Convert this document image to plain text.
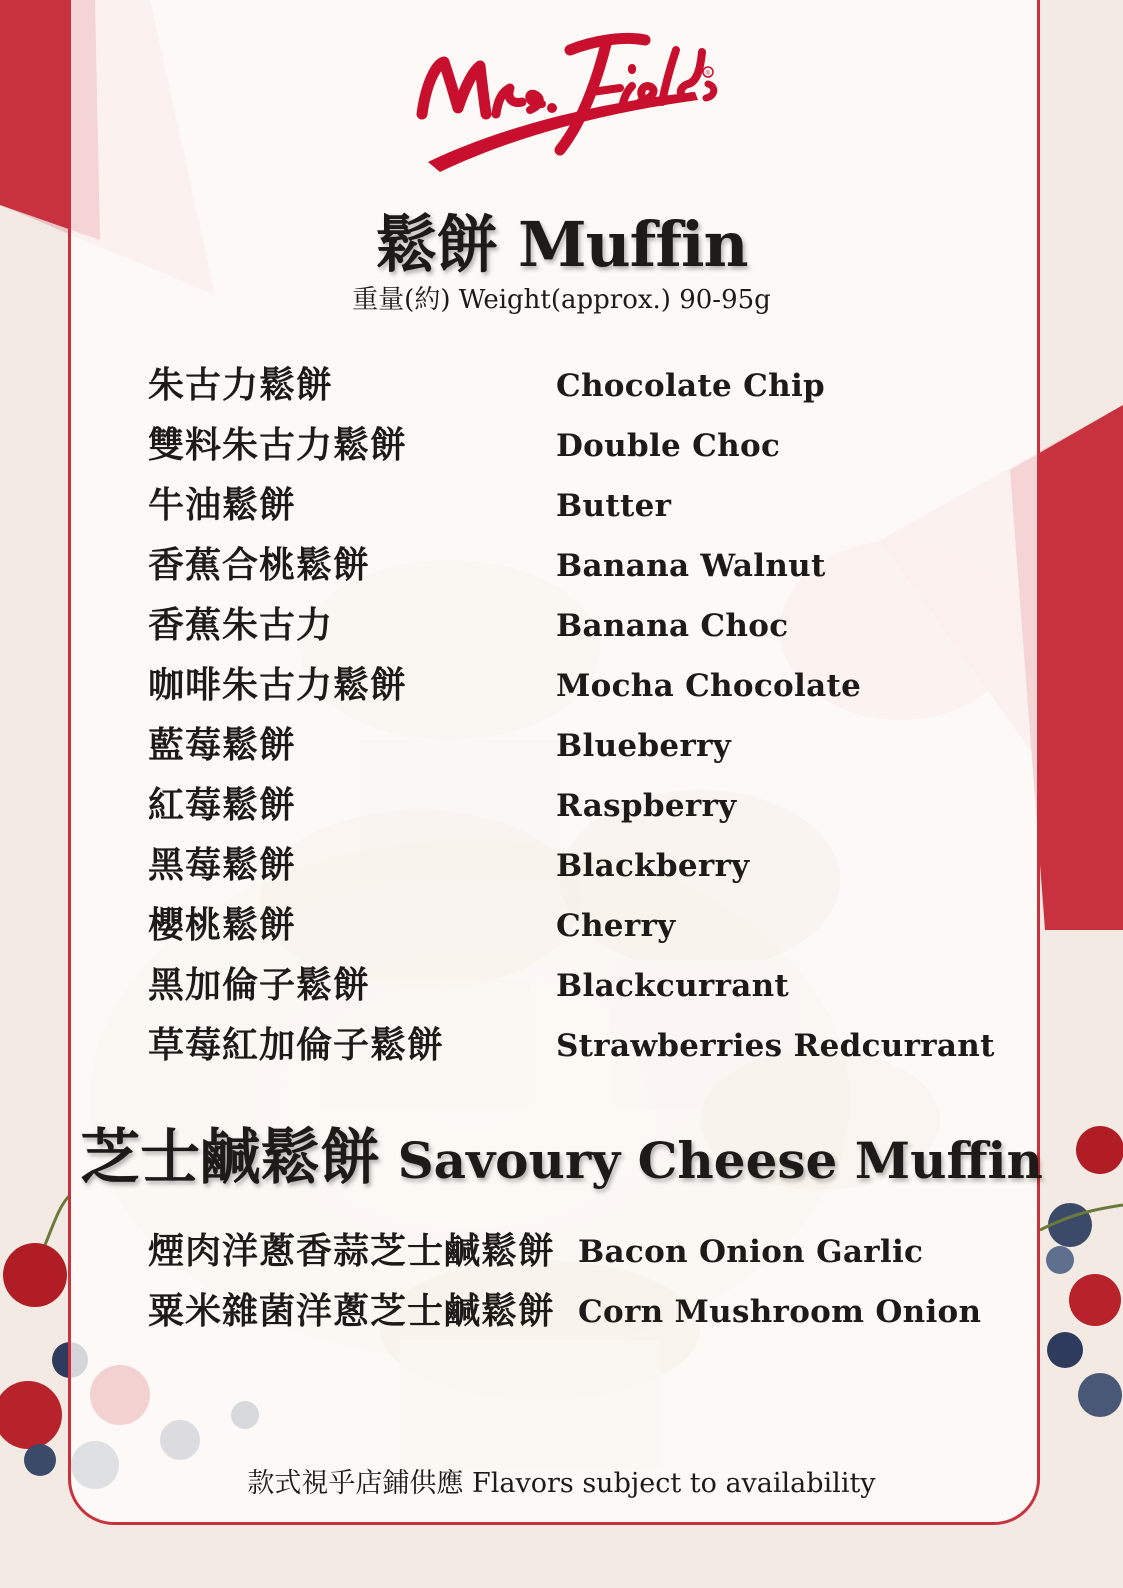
®
鬆餅 Muffin
重量(約) Weight(approx.) 90-95g
朱古力鬆餅	Chocolate Chip
雙料朱古力鬆餅	Double Choc
牛油鬆餅	Butter
香蕉合桃鬆餅	Banana Walnut
香蕉朱古力	Banana Choc
咖啡朱古力鬆餅	Mocha Chocolate
藍莓鬆餅	Blueberry
紅莓鬆餅	Raspberry
黑莓鬆餅	Blackberry
櫻桃鬆餅	Cherry
黑加倫子鬆餅	Blackcurrant
草莓紅加倫子鬆餅	Strawberries Redcurrant
芝士鹹鬆餅 Savoury Cheese Muffin
煙肉洋蔥香蒜芝士鹹鬆餅 Bacon Onion Garlic
粟米雜菌洋蔥芝士鹹鬆餅 Corn Mushroom Onion
款式視乎店鋪供應 Flavors subject to availability
